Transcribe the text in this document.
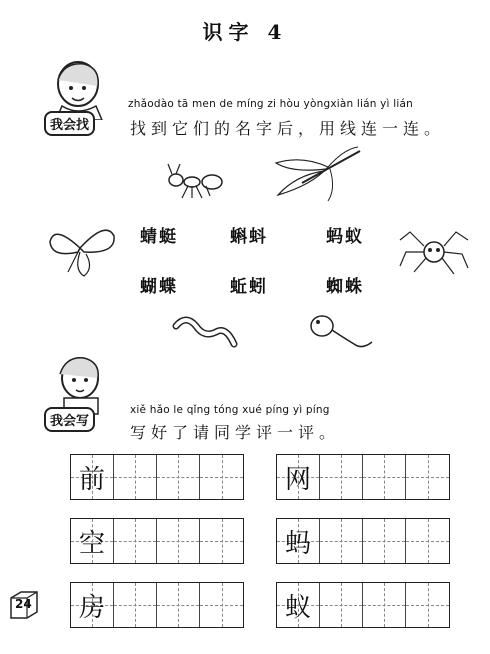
识字 4
我会找
zhǎodào tā men de míng zi hòu yòngxiàn lián yì lián
找到它们的名字后，用线连一连。
蜻蜓	蝌蚪	蚂蚁
蝴蝶	蚯蚓	蜘蛛
我会写
xiě hǎo le qǐng tóng xué píng yì píng
写好了请同学评一评。
前
空
房
网
蚂
蚁
24
